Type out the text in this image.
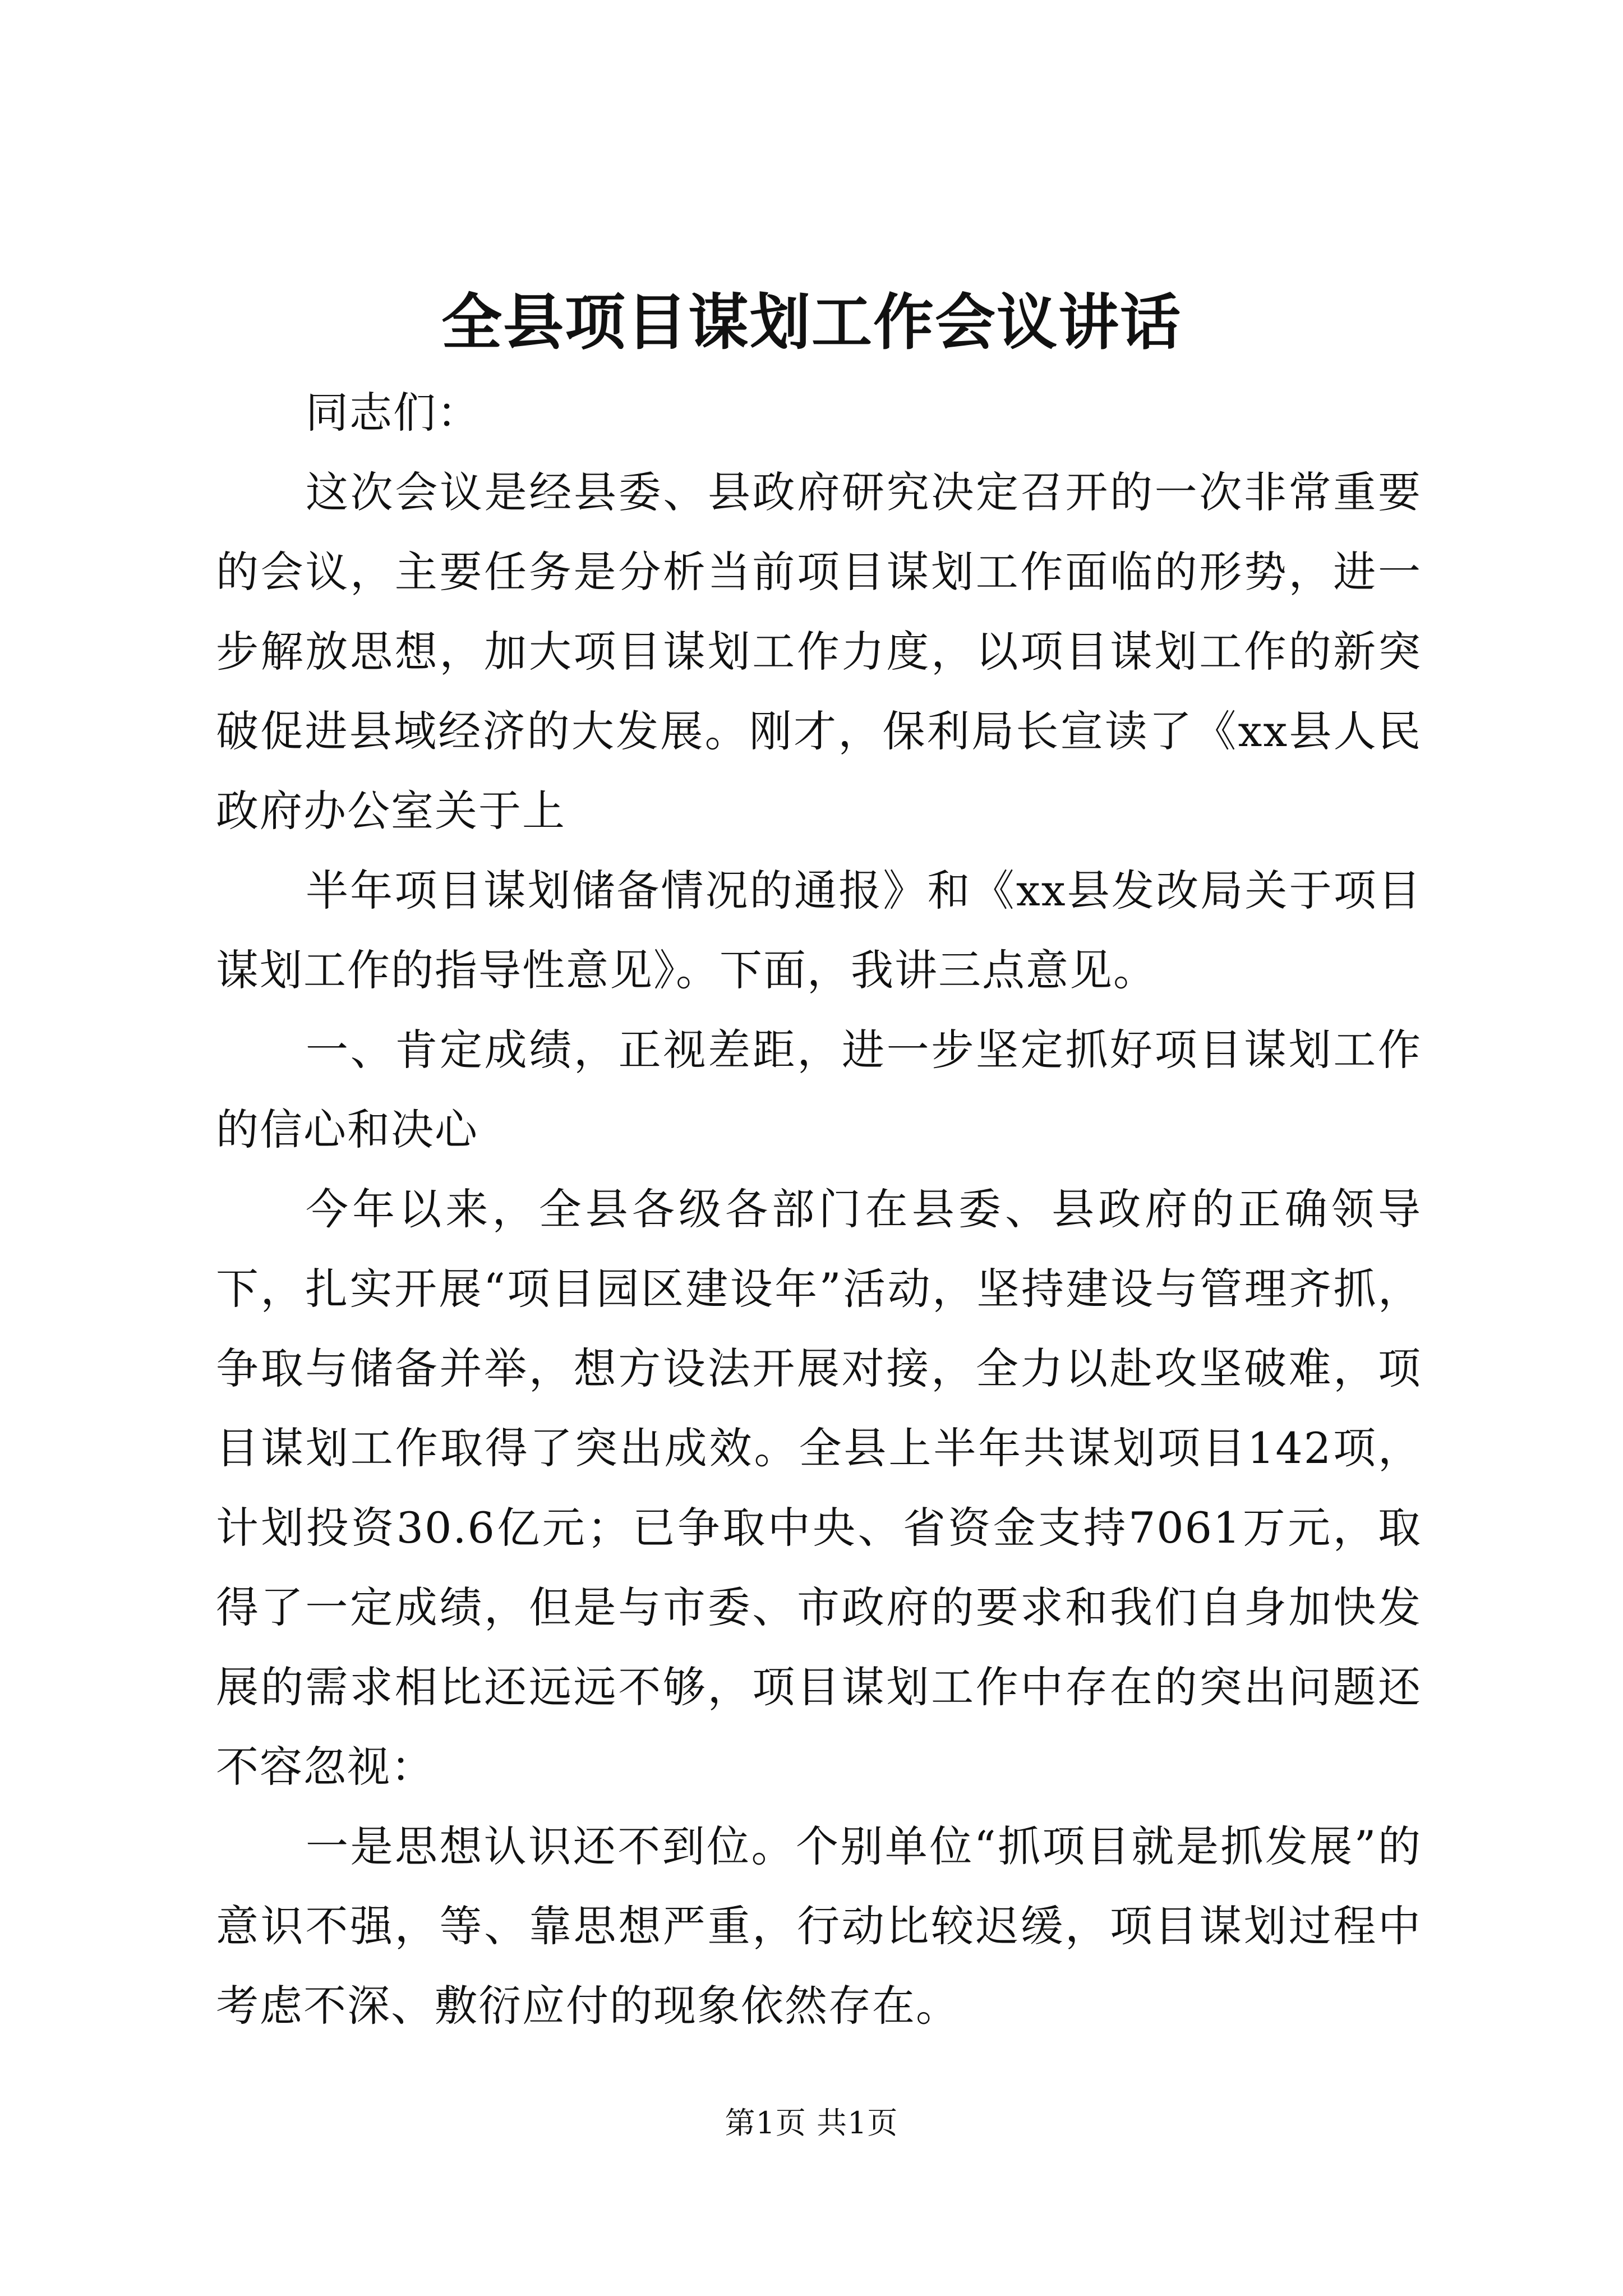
全县项目谋划工作会议讲话

同志们：

这次会议是经县委、县政府研究决定召开的一次非常重要的会议，主要任务是分析当前项目谋划工作面临的形势，进一步解放思想，加大项目谋划工作力度，以项目谋划工作的新突破促进县域经济的大发展。刚才，保利局长宣读了《xx县人民政府办公室关于上

半年项目谋划储备情况的通报》和《xx县发改局关于项目谋划工作的指导性意见》。下面，我讲三点意见。

一、肯定成绩，正视差距，进一步坚定抓好项目谋划工作的信心和决心

今年以来，全县各级各部门在县委、县政府的正确领导下，扎实开展“项目园区建设年”活动，坚持建设与管理齐抓，争取与储备并举，想方设法开展对接，全力以赴攻坚破难，项目谋划工作取得了突出成效。全县上半年共谋划项目142项，计划投资30.6亿元；已争取中央、省资金支持7061万元，取得了一定成绩，但是与市委、市政府的要求和我们自身加快发展的需求相比还远远不够，项目谋划工作中存在的突出问题还不容忽视：

一是思想认识还不到位。个别单位“抓项目就是抓发展”的意识不强，等、靠思想严重，行动比较迟缓，项目谋划过程中考虑不深、敷衍应付的现象依然存在。

第1页 共1页
